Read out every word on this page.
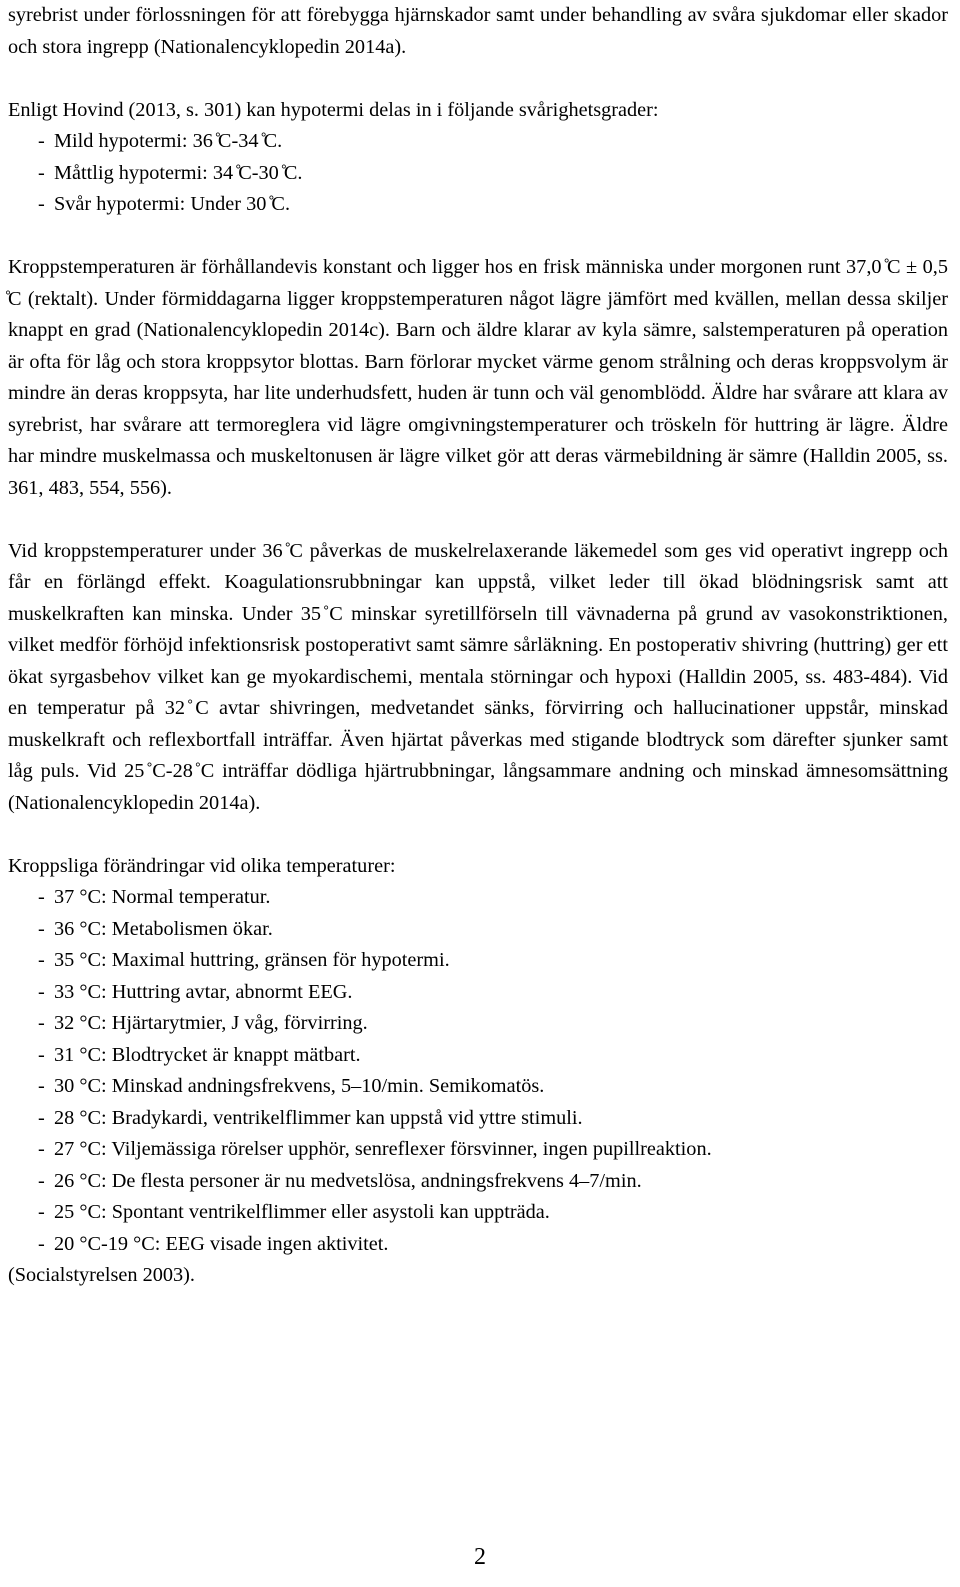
syrebrist under förlossningen för att förebygga hjärnskador samt under behandling av svåra sjukdomar eller skador och stora ingrepp (Nationalencyklopedin 2014a).

Enligt Hovind (2013, s. 301) kan hypotermi delas in i följande svårighetsgrader:

- Mild hypotermi: 36 ̊C-34 ̊C.
- Måttlig hypotermi: 34 ̊C-30 ̊C.
- Svår hypotermi: Under 30 ̊C.

Kroppstemperaturen är förhållandevis konstant och ligger hos en frisk människa under morgonen runt 37,0 ̊C ± 0,5 ̊C (rektalt). Under förmiddagarna ligger kroppstemperaturen något lägre jämfört med kvällen, mellan dessa skiljer knappt en grad (Nationalencyklopedin 2014c). Barn och äldre klarar av kyla sämre, salstemperaturen på operation är ofta för låg och stora kroppsytor blottas. Barn förlorar mycket värme genom strålning och deras kroppsvolym är mindre än deras kroppsyta, har lite underhudsfett, huden är tunn och väl genomblödd. Äldre har svårare att klara av syrebrist, har svårare att termoreglera vid lägre omgivningstemperaturer och tröskeln för huttring är lägre. Äldre har mindre muskelmassa och muskeltonusen är lägre vilket gör att deras värmebildning är sämre (Halldin 2005, ss. 361, 483, 554, 556).

Vid kroppstemperaturer under 36 ̊C påverkas de muskelrelaxerande läkemedel som ges vid operativt ingrepp och får en förlängd effekt. Koagulationsrubbningar kan uppstå, vilket leder till ökad blödningsrisk samt att muskelkraften kan minska. Under 35 ̊C minskar syretillförseln till vävnaderna på grund av vasokonstriktionen, vilket medför förhöjd infektionsrisk postoperativt samt sämre sårläkning. En postoperativ shivring (huttring) ger ett ökat syrgasbehov vilket kan ge myokardischemi, mentala störningar och hypoxi (Halldin 2005, ss. 483-484). Vid en temperatur på 32 ̊C avtar shivringen, medvetandet sänks, förvirring och hallucinationer uppstår, minskad muskelkraft och reflexbortfall inträffar. Även hjärtat påverkas med stigande blodtryck som därefter sjunker samt låg puls. Vid 25 ̊C-28 ̊C inträffar dödliga hjärtrubbningar, långsammare andning och minskad ämnesomsättning (Nationalencyklopedin 2014a).

Kroppsliga förändringar vid olika temperaturer:

- 37 °C: Normal temperatur.
- 36 °C: Metabolismen ökar.
- 35 °C: Maximal huttring, gränsen för hypotermi.
- 33 °C: Huttring avtar, abnormt EEG.
- 32 °C: Hjärtarytmier, J våg, förvirring.
- 31 °C: Blodtrycket är knappt mätbart.
- 30 °C: Minskad andningsfrekvens, 5–10/min. Semikomatös.
- 28 °C: Bradykardi, ventrikelflimmer kan uppstå vid yttre stimuli.
- 27 °C: Viljemässiga rörelser upphör, senreflexer försvinner, ingen pupillreaktion.
- 26 °C: De flesta personer är nu medvetslösa, andningsfrekvens 4–7/min.
- 25 °C: Spontant ventrikelflimmer eller asystoli kan uppträda.
- 20 °C-19 °C: EEG visade ingen aktivitet.

(Socialstyrelsen 2003).

2
